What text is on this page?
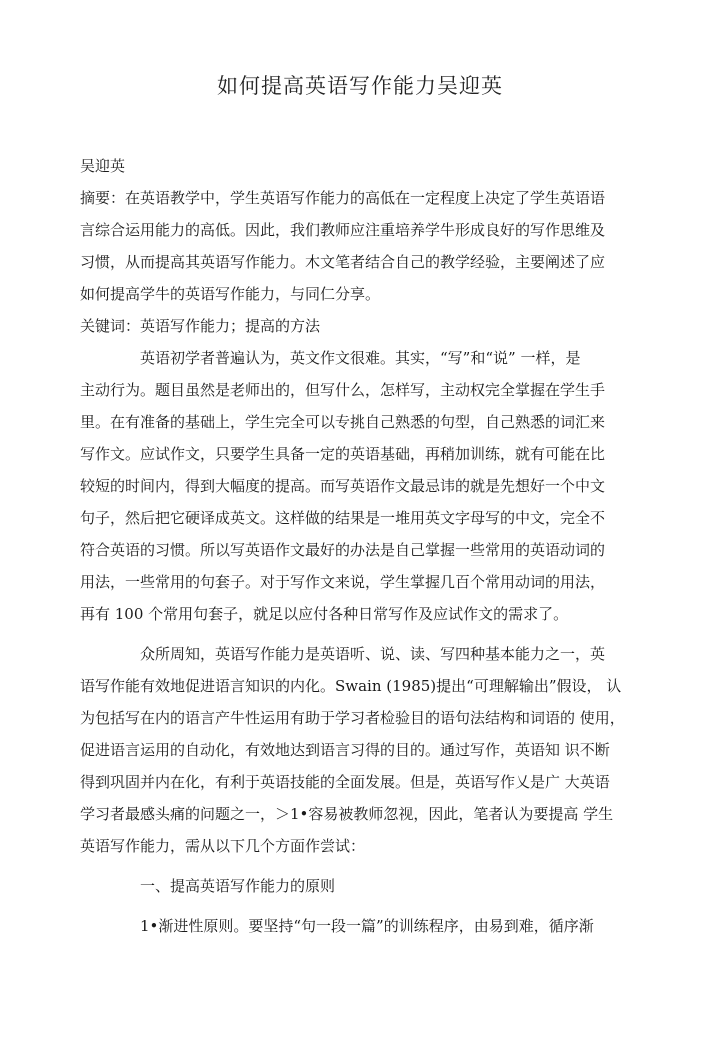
如何提高英语写作能力吴迎英
吴迎英
摘要：在英语教学中，学生英语写作能力的高低在一定程度上决定了学生英语语
言综合运用能力的高低。因此，我们教师应注重培养学牛形成良好的写作思维及
习惯，从而提高其英语写作能力。木文笔者结合自己的教学经验，主要阐述了应
如何提高学牛的英语写作能力，与同仁分享。
关键词：英语写作能力；提高的方法
英语初学者普遍认为，英文作文很难。其实，“写”和“说” 一样，是
主动行为。题目虽然是老师出的，但写什么，怎样写，主动权完全掌握在学生手
里。在有准备的基础上，学生完全可以专挑自己熟悉的句型，自己熟悉的词汇来
写作文。应试作文，只要学生具备一定的英语基础，再稍加训练，就有可能在比
较短的时间内，得到大幅度的提高。而写英语作文最忌讳的就是先想好一个中文
句子，然后把它硬译成英文。这样做的结果是一堆用英文字母写的中文，完全不
符合英语的习惯。所以写英语作文最好的办法是自己掌握一些常用的英语动词的
用法，一些常用的句套子。对于写作文来说，学生掌握几百个常用动词的用法，
再有 100 个常用句套子，就足以应付各种日常写作及应试作文的需求了。
众所周知，英语写作能力是英语听、说、读、写四种基本能力之一，英
语写作能有效地促进语言知识的内化。Swain (1985)提出“可理解输出”假设， 认
为包括写在内的语言产牛性运用有助于学习者检验目的语句法结构和词语的 使用，
促进语言运用的自动化，有效地达到语言习得的目的。通过写作，英语知 识不断
得到巩固并内在化，有利于英语技能的全面发展。但是，英语写作乂是广 大英语
学习者最感头痛的问题之一，＞1•容易被教师忽视，因此，笔者认为要提高 学生
英语写作能力，需从以下几个方面作尝试：
一、提高英语写作能力的原则
1•渐进性原则。要坚持“句一段一篇”的训练程序，由易到难，循序渐
